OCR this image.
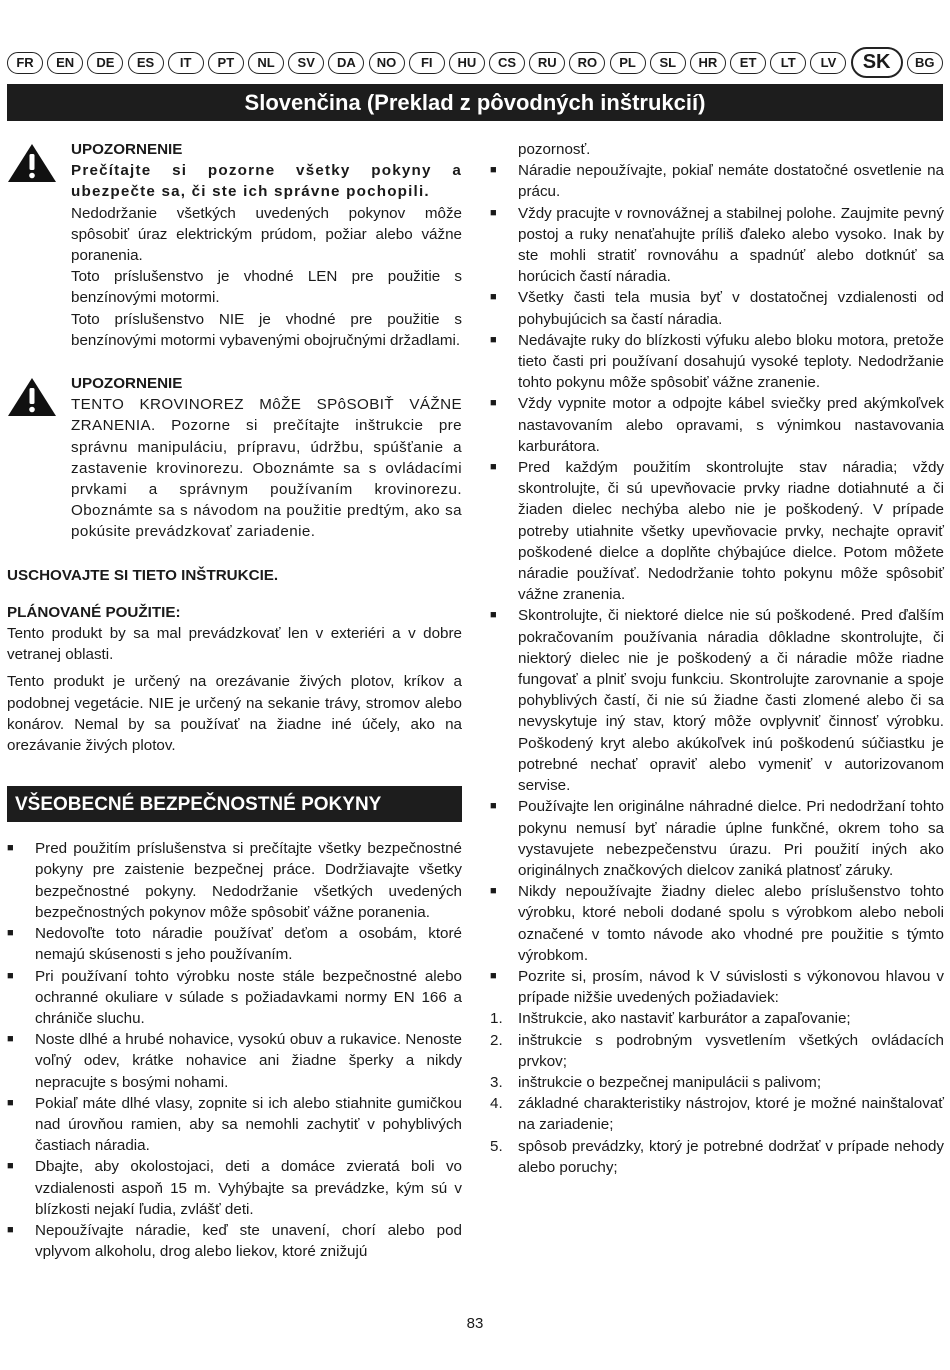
FR	EN	DE	ES	IT	PT	NL	SV	DA	NO	FI	HU	CS	RU	RO	PL	SL	HR	ET	LT	LV	SK	BG
Slovenčina (Preklad z pôvodných inštrukcií)
UPOZORNENIE

Prečítajte si pozorne všetky pokyny a ubezpečte sa, či ste ich správne pochopili.

Nedodržanie všetkých uvedených pokynov môže spôsobiť úraz elektrickým prúdom, požiar alebo vážne poranenia.

Toto príslušenstvo je vhodné LEN pre použitie s benzínovými motormi.

Toto príslušenstvo NIE je vhodné pre použitie s benzínovými motormi vybavenými obojručnými držadlami.

UPOZORNENIE

TENTO KROVINOREZ MôŽE SPôSOBIŤ VÁŽNE ZRANENIA. Pozorne si prečítajte inštrukcie pre správnu manipuláciu, prípravu, údržbu, spúšťanie a zastavenie krovinorezu. Oboznámte sa s ovládacími prvkami a správnym používaním krovinorezu. Oboznámte sa s návodom na použitie predtým, ako sa pokúsite prevádzkovať zariadenie.

USCHOVAJTE SI TIETO INŠTRUKCIE.

PLÁNOVANÉ POUŽITIE:

Tento produkt by sa mal prevádzkovať len v exteriéri a v dobre vetranej oblasti.

Tento produkt je určený na orezávanie živých plotov, kríkov a podobnej vegetácie. NIE je určený na sekanie trávy, stromov alebo konárov. Nemal by sa používať na žiadne iné účely, ako na orezávanie živých plotov.

VŠEOBECNÉ BEZPEČNOSTNÉ POKYNY
■	Pred použitím príslušenstva si prečítajte všetky bezpečnostné pokyny pre zaistenie bezpečnej práce. Dodržiavajte všetky bezpečnostné pokyny. Nedodržanie všetkých uvedených bezpečnostných pokynov môže spôsobiť vážne poranenia.
■	Nedovoľte toto náradie používať deťom a osobám, ktoré nemajú skúsenosti s jeho používaním.
■	Pri používaní tohto výrobku noste stále bezpečnostné alebo ochranné okuliare v súlade s požiadavkami normy EN 166 a chrániče sluchu.
■	Noste dlhé a hrubé nohavice, vysokú obuv a rukavice. Nenoste voľný odev, krátke nohavice ani žiadne šperky a nikdy nepracujte s bosými nohami.
■	Pokiaľ máte dlhé vlasy, zopnite si ich alebo stiahnite gumičkou nad úrovňou ramien, aby sa nemohli zachytiť v pohyblivých častiach náradia.
■	Dbajte, aby okolostojaci, deti a domáce zvieratá boli vo vzdialenosti aspoň 15 m. Vyhýbajte sa prevádzke, kým sú v blízkosti nejakí ľudia, zvlášť deti.
■	Nepoužívajte náradie, keď ste unavení, chorí alebo pod vplyvom alkoholu, drog alebo liekov, ktoré znižujú

pozornosť.

■	Náradie nepoužívajte, pokiaľ nemáte dostatočné osvetlenie na prácu.
■	Vždy pracujte v rovnovážnej a stabilnej polohe. Zaujmite pevný postoj a ruky nenaťahujte príliš ďaleko alebo vysoko. Inak by ste mohli stratiť rovnováhu a spadnúť alebo dotknúť sa horúcich častí náradia.
■	Všetky časti tela musia byť v dostatočnej vzdialenosti od pohybujúcich sa častí náradia.
■	Nedávajte ruky do blízkosti výfuku alebo bloku motora, pretože tieto časti pri používaní dosahujú vysoké teploty. Nedodržanie tohto pokynu môže spôsobiť vážne zranenie.
■	Vždy vypnite motor a odpojte kábel sviečky pred akýmkoľvek nastavovaním alebo opravami, s výnimkou nastavovania karburátora.
■	Pred každým použitím skontrolujte stav náradia; vždy skontrolujte, či sú upevňovacie prvky riadne dotiahnuté a či žiaden dielec nechýba alebo nie je poškodený. V prípade potreby utiahnite všetky upevňovacie prvky, nechajte opraviť poškodené dielce a doplňte chýbajúce dielce. Potom môžete náradie používať. Nedodržanie tohto pokynu môže spôsobiť vážne zranenia.
■	Skontrolujte, či niektoré dielce nie sú poškodené. Pred ďalším pokračovaním používania náradia dôkladne skontrolujte, či niektorý dielec nie je poškodený a či náradie môže riadne fungovať a plniť svoju funkciu. Skontrolujte zarovnanie a spoje pohyblivých častí, či nie sú žiadne časti zlomené alebo či sa nevyskytuje iný stav, ktorý môže ovplyvniť činnosť výrobku. Poškodený kryt alebo akúkoľvek inú poškodenú súčiastku je potrebné nechať opraviť alebo vymeniť v autorizovanom servise.
■	Používajte len originálne náhradné dielce. Pri nedodržaní tohto pokynu nemusí byť náradie úplne funkčné, okrem toho sa vystavujete nebezpečenstvu úrazu. Pri použití iných ako originálnych značkových dielcov zaniká platnosť záruky.
■	Nikdy nepoužívajte žiadny dielec alebo príslušenstvo tohto výrobku, ktoré neboli dodané spolu s výrobkom alebo neboli označené v tomto návode ako vhodné pre použitie s týmto výrobkom.
■	Pozrite si, prosím, návod k V súvislosti s výkonovou hlavou v prípade nižšie uvedených požiadaviek:
1.	Inštrukcie, ako nastaviť karburátor a zapaľovanie;
2.	inštrukcie s podrobným vysvetlením všetkých ovládacích prvkov;
3.	inštrukcie o bezpečnej manipulácii s palivom;
4.	základné charakteristiky nástrojov, ktoré je možné nainštalovať na zariadenie;
5.	spôsob prevádzky, ktorý je potrebné dodržať v prípade nehody alebo poruchy;
83
